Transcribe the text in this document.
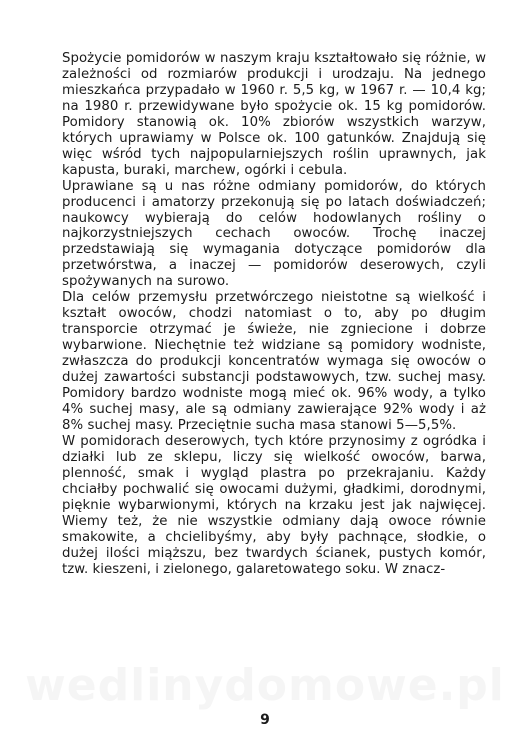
wedlinydomowe.pl

Spożycie pomidorów w naszym kraju kształtowało się różnie, w zależności od rozmiarów produkcji i urodzaju. Na jednego mieszkańca przypadało w 1960 r. 5,5 kg, w 1967 r. — 10,4 kg; na 1980 r. przewidywane było spożycie ok. 15 kg pomidorów. Pomidory stanowią ok. 10% zbiorów wszystkich warzyw, których uprawiamy w Polsce ok. 100 gatunków. Znajdują się więc wśród tych najpopularniejszych roślin uprawnych, jak kapusta, buraki, marchew, ogórki i cebula.

Uprawiane są u nas różne odmiany pomidorów, do których producenci i amatorzy przekonują się po latach doświadczeń; naukowcy wybierają do celów hodowlanych rośliny o najkorzystniejszych cechach owoców. Trochę inaczej przedstawiają się wymagania dotyczące pomidorów dla przetwórstwa, a inaczej — pomidorów deserowych, czyli spożywanych na surowo.

Dla celów przemysłu przetwórczego nieistotne są wielkość i kształt owoców, chodzi natomiast o to, aby po długim transporcie otrzymać je świeże, nie zgniecione i dobrze wybarwione. Niechętnie też widziane są pomidory wodniste, zwłaszcza do produkcji koncentratów wymaga się owoców o dużej zawartości substancji podstawowych, tzw. suchej masy. Pomidory bardzo wodniste mogą mieć ok. 96% wody, a tylko 4% suchej masy, ale są odmiany zawierające 92% wody i aż 8% suchej masy. Przeciętnie sucha masa stanowi 5—5,5%.

W pomidorach deserowych, tych które przynosimy z ogródka i działki lub ze sklepu, liczy się wielkość owoców, barwa, plenność, smak i wygląd plastra po przekrajaniu. Każdy chciałby pochwalić się owocami dużymi, gładkimi, dorodnymi, pięknie wybarwionymi, których na krzaku jest jak najwięcej. Wiemy też, że nie wszystkie odmiany dają owoce równie smakowite, a chcielibyśmy, aby były pachnące, słodkie, o dużej ilości miąższu, bez twardych ścianek, pustych komór, tzw. kieszeni, i zielonego, galaretowatego soku. W znacz-

9
